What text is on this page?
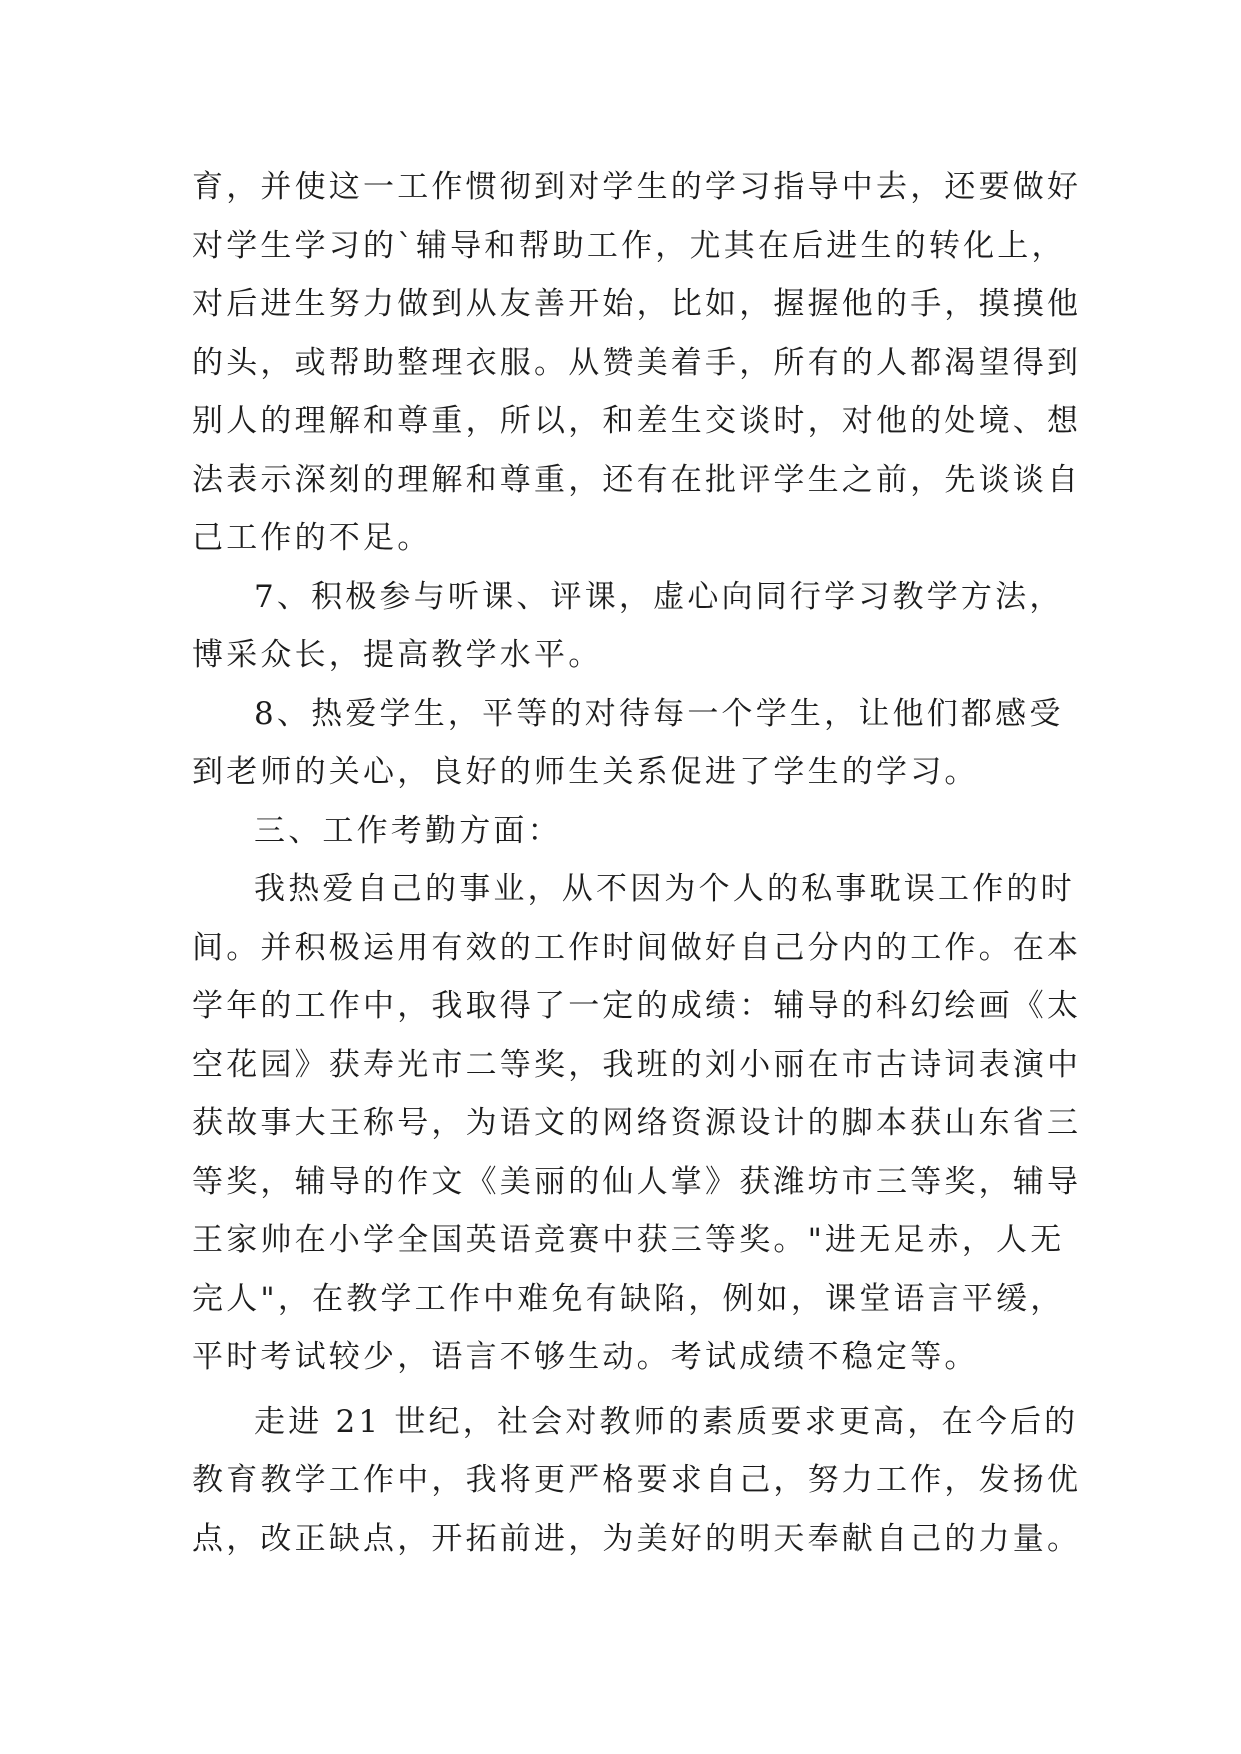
育，并使这一工作惯彻到对学生的学习指导中去，还要做好
对学生学习的`辅导和帮助工作，尤其在后进生的转化上，
对后进生努力做到从友善开始，比如，握握他的手，摸摸他
的头，或帮助整理衣服。从赞美着手，所有的人都渴望得到
别人的理解和尊重，所以，和差生交谈时，对他的处境、想
法表示深刻的理解和尊重，还有在批评学生之前，先谈谈自
己工作的不足。
7、积极参与听课、评课，虚心向同行学习教学方法，
博采众长，提高教学水平。
8、热爱学生，平等的对待每一个学生，让他们都感受
到老师的关心，良好的师生关系促进了学生的学习。
三、工作考勤方面：
我热爱自己的事业，从不因为个人的私事耽误工作的时
间。并积极运用有效的工作时间做好自己分内的工作。在本
学年的工作中，我取得了一定的成绩：辅导的科幻绘画《太
空花园》获寿光市二等奖，我班的刘小丽在市古诗词表演中
获故事大王称号，为语文的网络资源设计的脚本获山东省三
等奖，辅导的作文《美丽的仙人掌》获潍坊市三等奖，辅导
王家帅在小学全国英语竞赛中获三等奖。"进无足赤，人无
完人"，在教学工作中难免有缺陷，例如，课堂语言平缓，
平时考试较少，语言不够生动。考试成绩不稳定等。
走进 21 世纪，社会对教师的素质要求更高，在今后的
教育教学工作中，我将更严格要求自己，努力工作，发扬优
点，改正缺点，开拓前进，为美好的明天奉献自己的力量。
